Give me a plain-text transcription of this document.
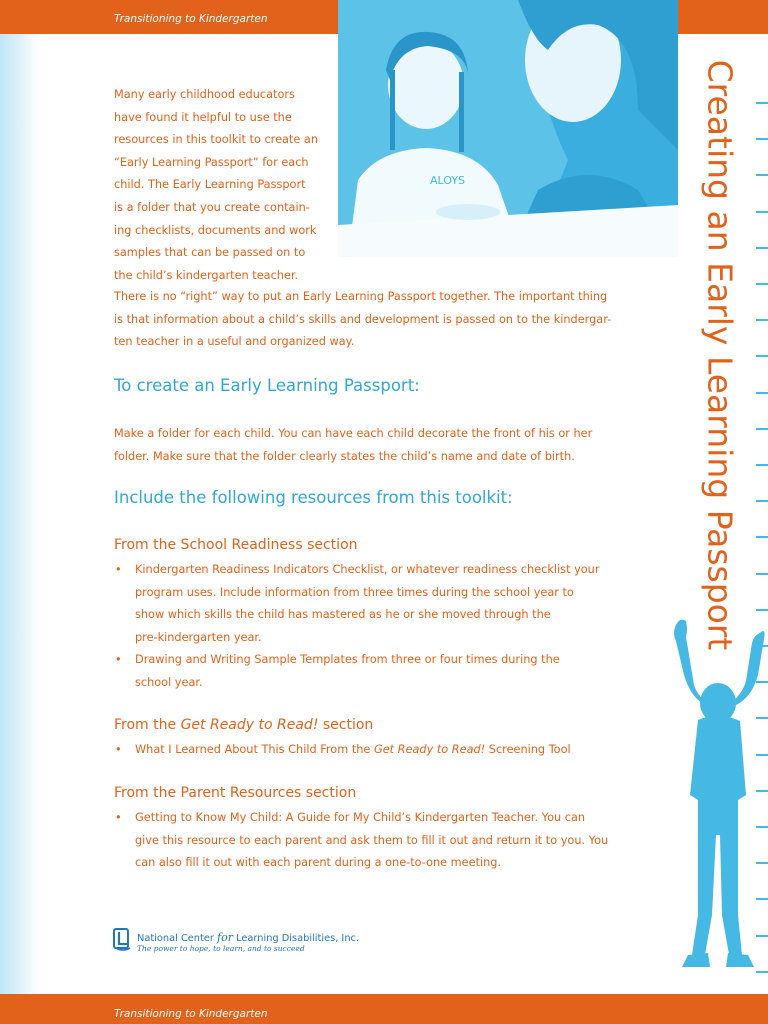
Transitioning to Kindergarten
ALOYS	Creating an Early Learning Passport
Many early childhood educators
have found it helpful to use the
resources in this toolkit to create an
“Early Learning Passport” for each
child. The Early Learning Passport
is a folder that you create contain-
ing checklists, documents and work
samples that can be passed on to
the child’s kindergarten teacher.
There is no “right” way to put an Early Learning Passport together. The important thing
is that information about a child’s skills and development is passed on to the kindergar-
ten teacher in a useful and organized way.
To create an Early Learning Passport:
Make a folder for each child. You can have each child decorate the front of his or her
folder. Make sure that the folder clearly states the child’s name and date of birth.
Include the following resources from this toolkit:
From the School Readiness section
• Kindergarten Readiness Indicators Checklist, or whatever readiness checklist your
program uses. Include information from three times during the school year to
show which skills the child has mastered as he or she moved through the
pre-kindergarten year.
• Drawing and Writing Sample Templates from three or four times during the
school year.
From the Get Ready to Read! section
• What I Learned About This Child From the Get Ready to Read! Screening Tool
From the Parent Resources section
• Getting to Know My Child: A Guide for My Child’s Kindergarten Teacher. You can
give this resource to each parent and ask them to fill it out and return it to you. You
can also fill it out with each parent during a one-to-one meeting.
National Center for Learning Disabilities, Inc.
The power to hope, to learn, and to succeed
Transitioning to Kindergarten
